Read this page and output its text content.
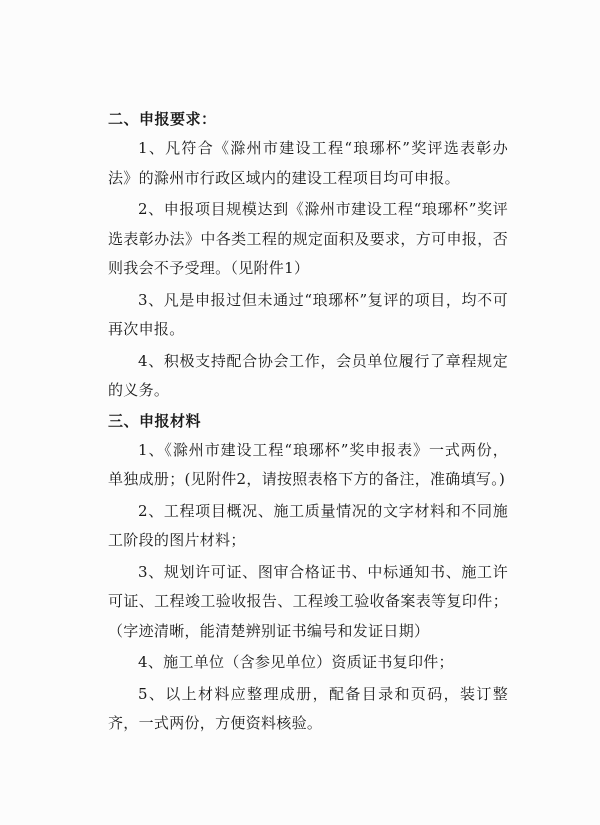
二、申报要求：

1、凡符合《滁州市建设工程“琅琊杯”奖评选表彰办法》的滁州市行政区域内的建设工程项目均可申报。

2、申报项目规模达到《滁州市建设工程“琅琊杯”奖评选表彰办法》中各类工程的规定面积及要求，方可申报，否则我会不予受理。（见附件1）

3、凡是申报过但未通过“琅琊杯”复评的项目，均不可再次申报。

4、积极支持配合协会工作，会员单位履行了章程规定的义务。

三、申报材料

1、《滁州市建设工程“琅琊杯”奖申报表》一式两份，单独成册；(见附件2，请按照表格下方的备注，准确填写。)

2、工程项目概况、施工质量情况的文字材料和不同施工阶段的图片材料；

3、规划许可证、图审合格证书、中标通知书、施工许可证、工程竣工验收报告、工程竣工验收备案表等复印件；（字迹清晰，能清楚辨别证书编号和发证日期）

4、施工单位（含参见单位）资质证书复印件；

5、以上材料应整理成册，配备目录和页码，装订整齐，一式两份，方便资料核验。
